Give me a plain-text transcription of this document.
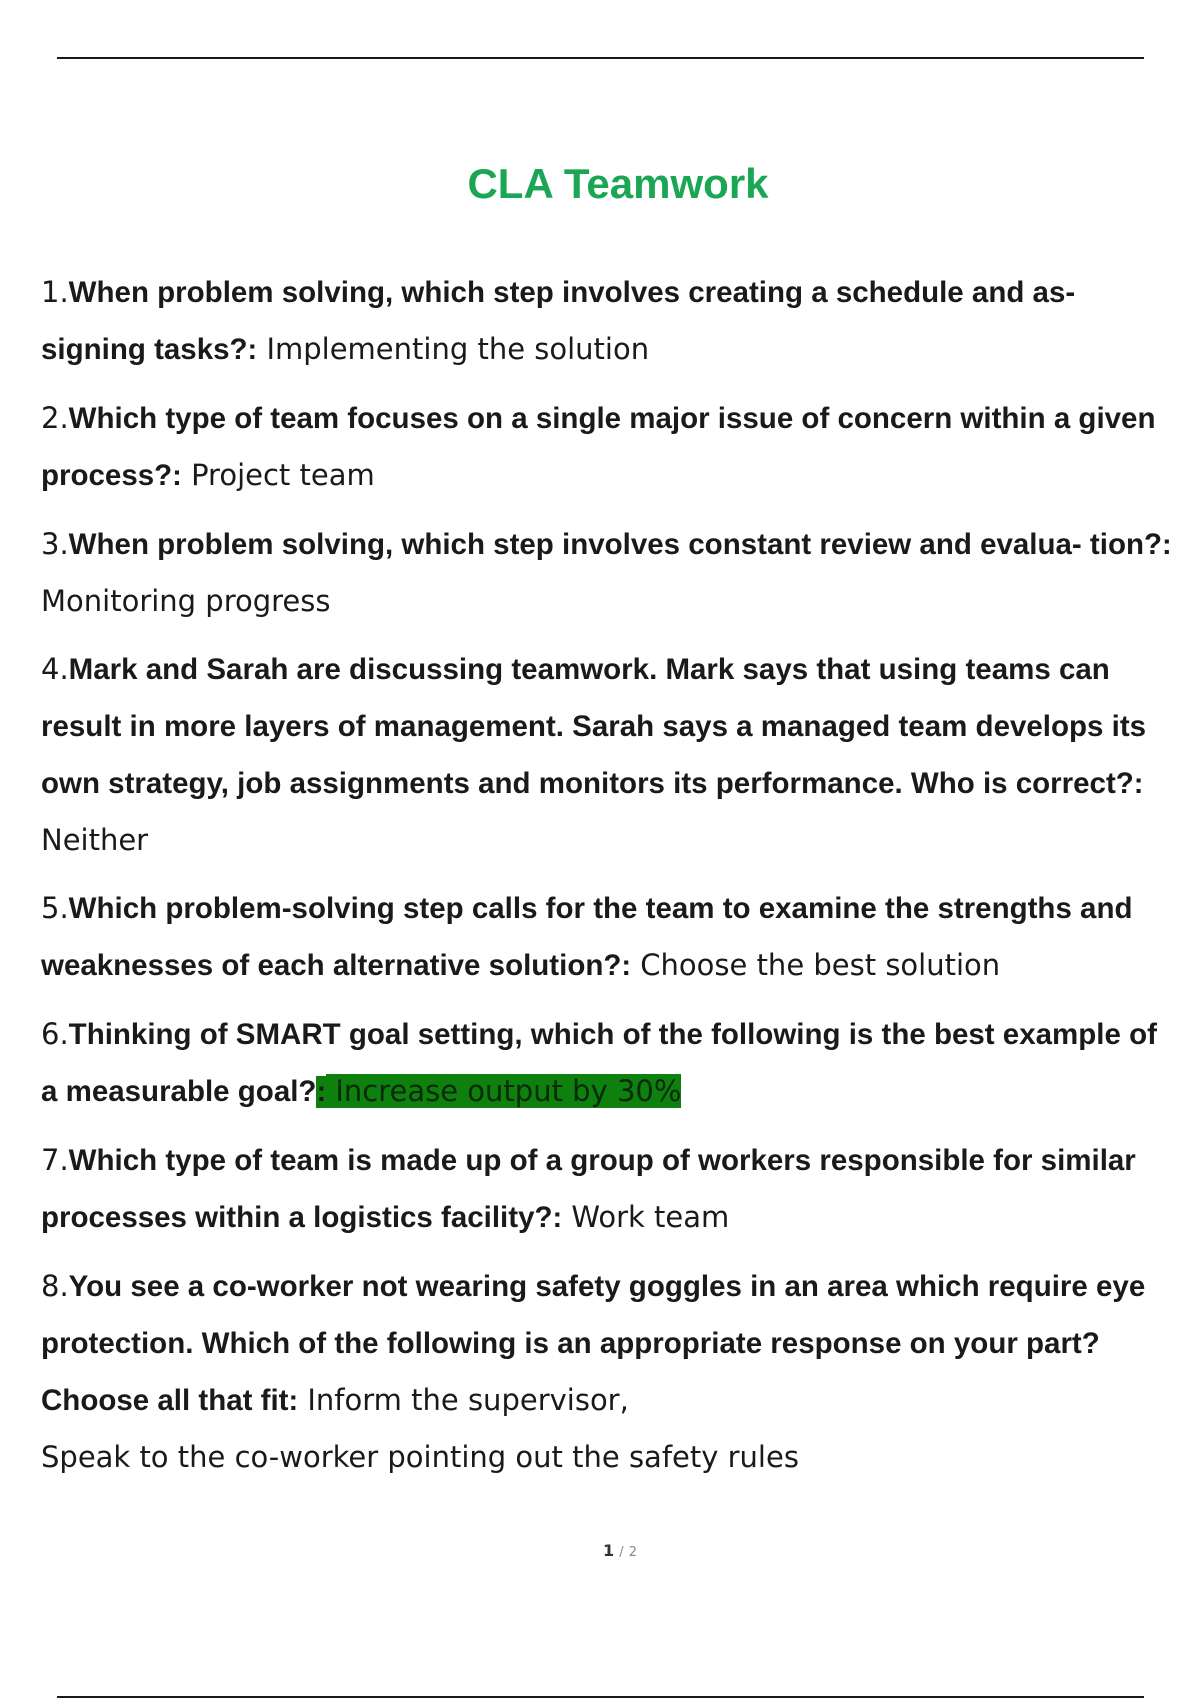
CLA Teamwork
1.When problem solving, which step involves creating a schedule and as- signing tasks?: Implementing the solution
2.Which type of team focuses on a single major issue of concern within a given process?: Project team
3.When problem solving, which step involves constant review and evalua- tion?: Monitoring progress
4.Mark and Sarah are discussing teamwork. Mark says that using teams can result in more layers of management. Sarah says a managed team develops its own strategy, job assignments and monitors its performance. Who is correct?: Neither
5.Which problem-solving step calls for the team to examine the strengths and weaknesses of each alternative solution?: Choose the best solution
6.Thinking of SMART goal setting, which of the following is the best example of a measurable goal?: Increase output by 30%
7.Which type of team is made up of a group of workers responsible for similar processes within a logistics facility?: Work team
8.You see a co-worker not wearing safety goggles in an area which require eye protection. Which of the following is an appropriate response on your part? Choose all that fit: Inform the supervisor,
Speak to the co-worker pointing out the safety rules
1 / 2
